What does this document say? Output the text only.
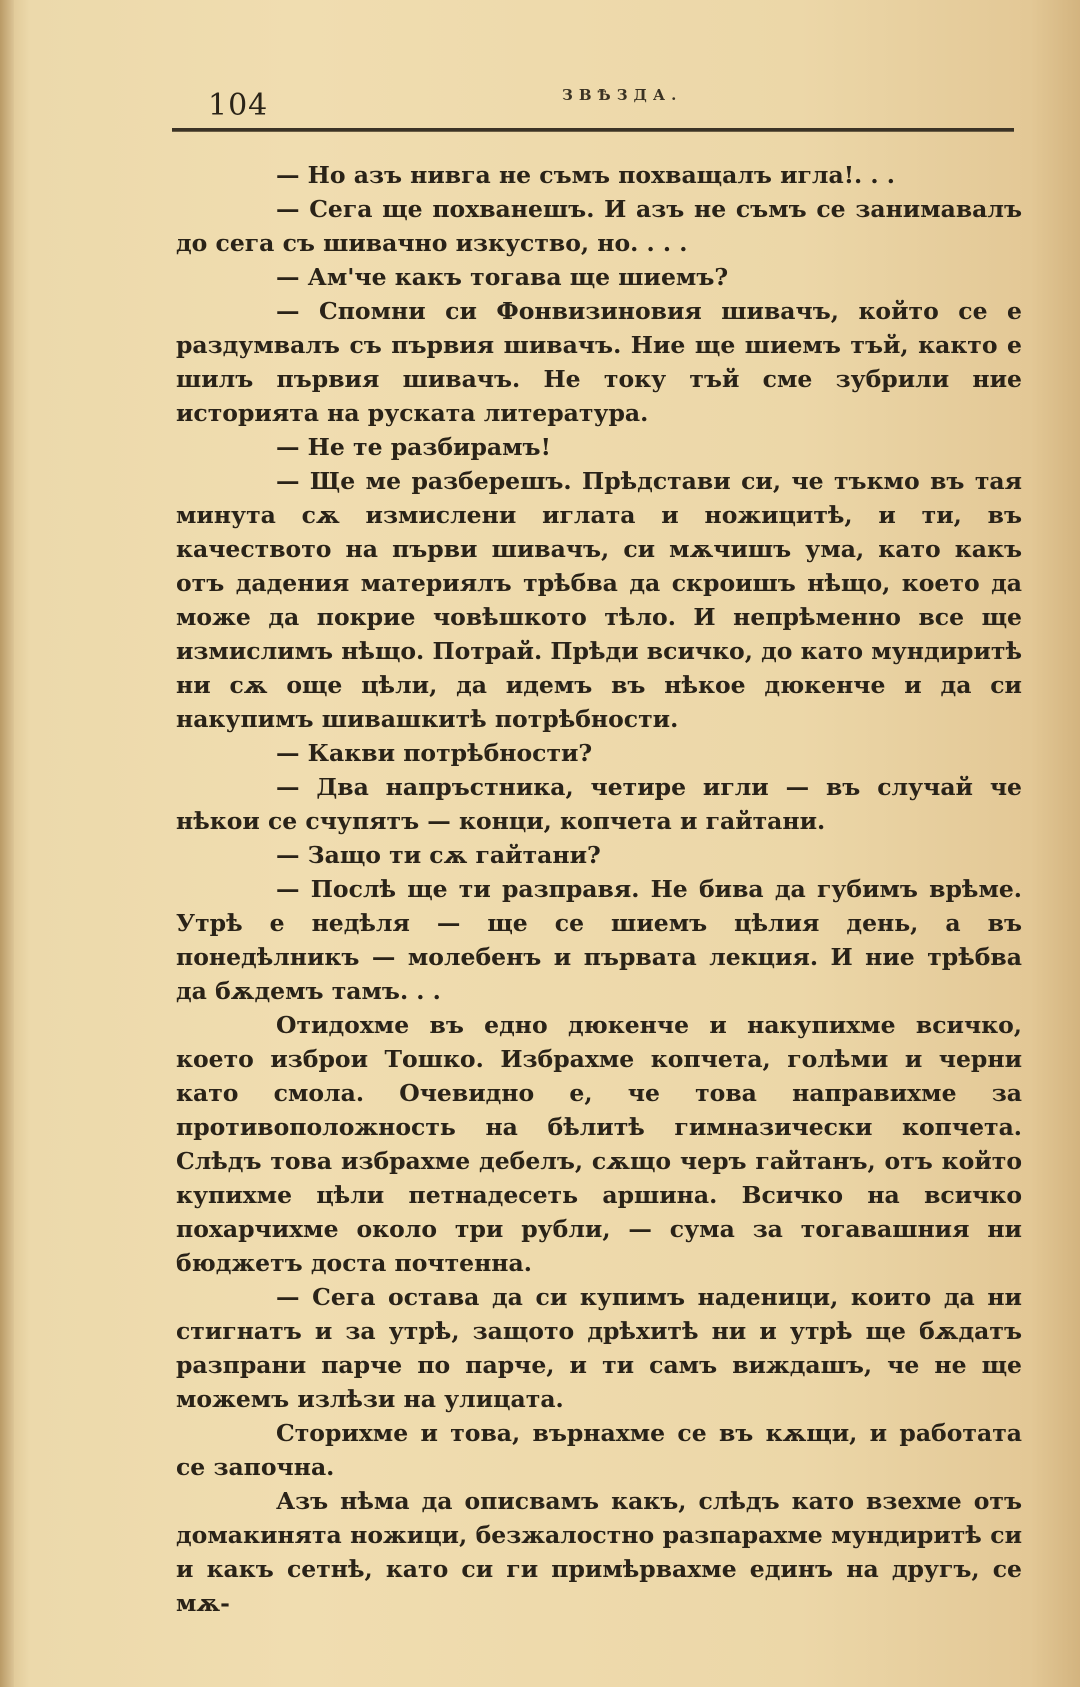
104	ЗВѢЗДА.

— Но азъ нивга не съмъ похващалъ игла!. . .

— Сега ще похванешъ. И азъ не съмъ се занимавалъ до сега съ шивачно изкуство, но. . . .

— Ам'че какъ тогава ще шиемъ?

— Спомни си Фонвизиновия шивачъ, който се е раздумвалъ съ първия шивачъ. Ние ще шиемъ тъй, както е шилъ първия шивачъ. Не току тъй сме зубрили ние историята на руската литература.

— Не те разбирамъ!

— Ще ме разберешъ. Прѣдстави си, че тъкмо въ тая минута сѫ измислени иглата и ножицитѣ, и ти, въ качеството на първи шивачъ, си мѫчишъ ума, като какъ отъ дадения материялъ трѣбва да скроишъ нѣщо, което да може да покрие човѣшкото тѣло. И непрѣменно все ще измислимъ нѣщо. Потрай. Прѣди всичко, до като мундиритѣ ни сѫ още цѣли, да идемъ въ нѣкое дюкенче и да си накупимъ шивашкитѣ потрѣбности.

— Какви потрѣбности?

— Два напръстника, четире игли — въ случай че нѣкои се счупятъ — конци, копчета и гайтани.

— Защо ти сѫ гайтани?

— Послѣ ще ти разправя. Не бива да губимъ врѣме. Утрѣ е недѣля — ще се шиемъ цѣлия день, а въ понедѣлникъ — молебенъ и първата лекция. И ние трѣбва да бѫдемъ тамъ. . .

Отидохме въ едно дюкенче и накупихме всичко, което изброи Тошко. Избрахме копчета, голѣми и черни като смола. Очевидно е, че това направихме за противоположность на бѣлитѣ гимназически копчета. Слѣдъ това избрахме дебелъ, сѫщо черъ гайтанъ, отъ който купихме цѣли петнадесеть аршина. Всичко на всичко похарчихме около три рубли, — сума за тогавашния ни бюджетъ доста почтенна.

— Сега остава да си купимъ наденици, които да ни стигнатъ и за утрѣ, защото дрѣхитѣ ни и утрѣ ще бѫдатъ разпрани парче по парче, и ти самъ виждашъ, че не ще можемъ излѣзи на улицата.

Сторихме и това, върнахме се въ кѫщи, и работата се започна.

Азъ нѣма да описвамъ какъ, слѣдъ като взехме отъ домакинята ножици, безжалостно разпарахме мундиритѣ си и какъ сетнѣ, като си ги примѣрвахме единъ на другъ, се мѫ-
